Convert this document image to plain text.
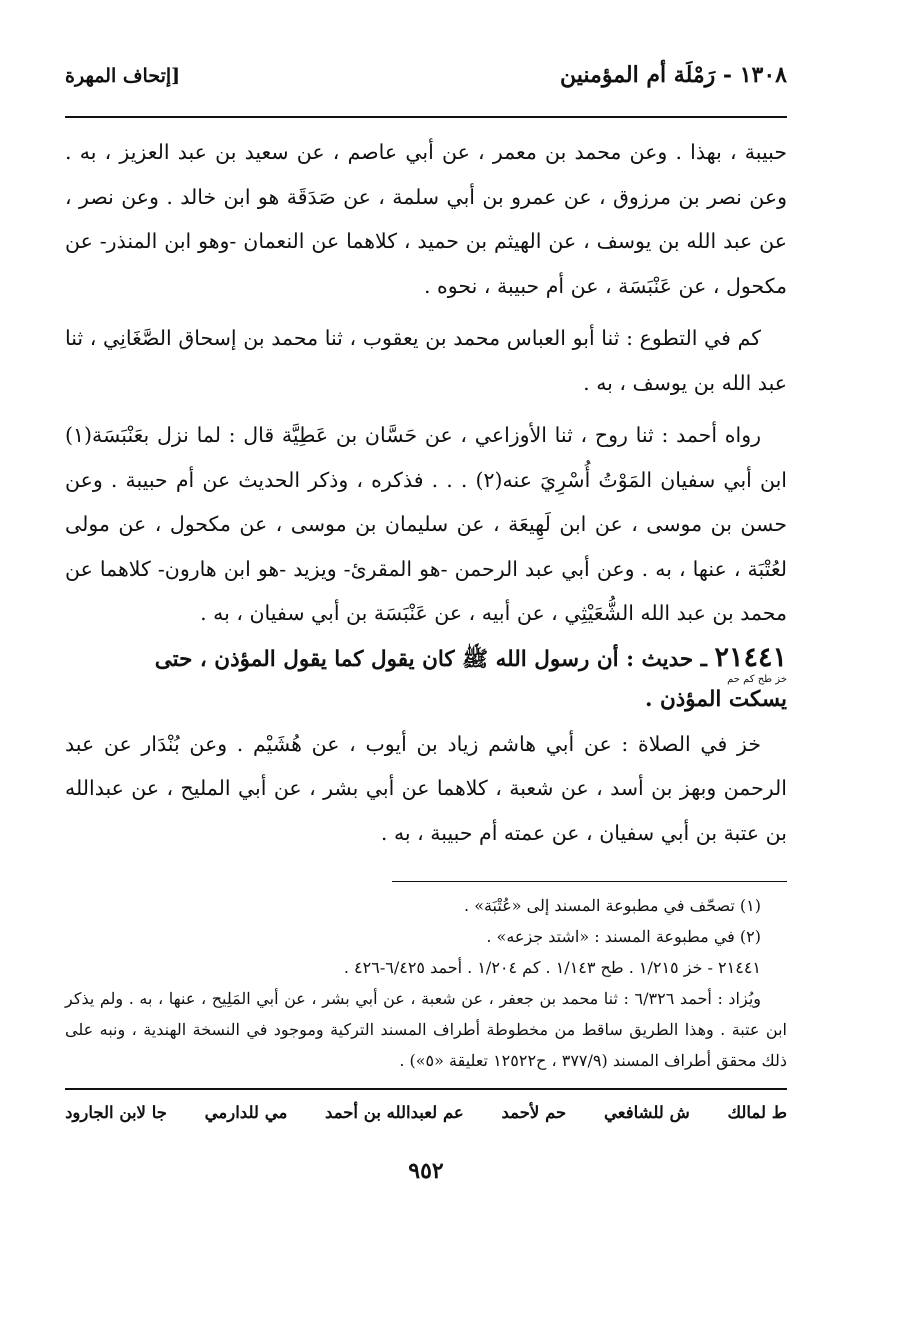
١٣٠٨ - رَمْلَة أم المؤمنين
[إتحاف المهرة

حبيبة ، بهذا . وعن محمد بن معمر ، عن أبي عاصم ، عن سعيد بن عبد العزيز ، به . وعن نصر بن مرزوق ، عن عمرو بن أبي سلمة ، عن صَدَقَة هو ابن خالد . وعن نصر ، عن عبد الله بن يوسف ، عن الهيثم بن حميد ، كلاهما عن النعمان -وهو ابن المنذر- عن مكحول ، عن عَنْبَسَة ، عن أم حبيبة ، نحوه .

كم في التطوع : ثنا أبو العباس محمد بن يعقوب ، ثنا محمد بن إسحاق الصَّغَانِي ، ثنا عبد الله بن يوسف ، به .

رواه أحمد : ثنا روح ، ثنا الأوزاعي ، عن حَسَّان بن عَطِيَّة قال : لما نزل بعَنْبَسَة(١) ابن أبي سفيان المَوْتُ أُسْرِيَ عنه(٢) . . . فذكره ، وذكر الحديث عن أم حبيبة . وعن حسن بن موسى ، عن ابن لَهِيعَة ، عن سليمان بن موسى ، عن مكحول ، عن مولى لعُتْبَة ، عنها ، به . وعن أبي عبد الرحمن -هو المقرئ- ويزيد -هو ابن هارون- كلاهما عن محمد بن عبد الله الشُّعَيْثِي ، عن أبيه ، عن عَنْبَسَة بن أبي سفيان ، به .

٢١٤٤١ ـ حديث : أن رسول الله ﷺ كان يقول كما يقول المؤذن ، حتى
خز طح كم حم
يسكت المؤذن .

خز في الصلاة : عن أبي هاشم زياد بن أيوب ، عن هُشَيْم . وعن بُنْدَار عن عبد الرحمن وبهز بن أسد ، عن شعبة ، كلاهما عن أبي بشر ، عن أبي المليح ، عن عبدالله بن عتبة بن أبي سفيان ، عن عمته أم حبيبة ، به .

(١) تصحّف في مطبوعة المسند إلى «عُتْبَة» .

(٢) في مطبوعة المسند : «اشتد جزعه» .

٢١٤٤١ - خز ١/٢١٥ . طح ١/١٤٣ . كم ١/٢٠٤ . أحمد ٦/٤٢٥-٤٢٦ .

ويُزاد : أحمد ٦/٣٢٦ : ثنا محمد بن جعفر ، عن شعبة ، عن أبي بشر ، عن أبي المَلِيح ، عنها ، به . ولم يذكر ابن عتبة . وهذا الطريق ساقط من مخطوطة أطراف المسند التركية وموجود في النسخة الهندية ، ونبه على ذلك محقق أطراف المسند (٣٧٧/٩ ، ح١٢٥٢٢ تعليقة «٥») .

ط لمالك
ش للشافعي
حم لأحمد
عم لعبدالله بن أحمد
مي للدارمي
جا لابن الجارود
٩٥٢
